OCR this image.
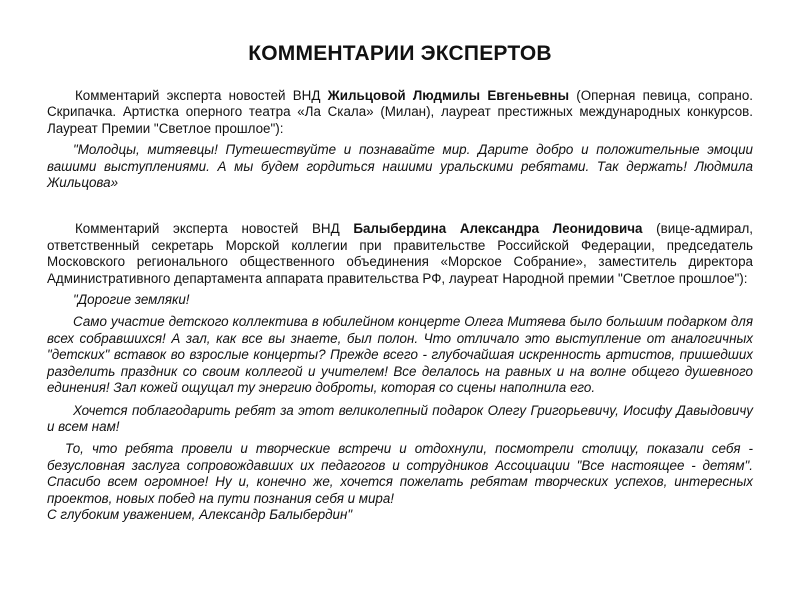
КОММЕНТАРИИ ЭКСПЕРТОВ

Комментарий эксперта новостей ВНД Жильцовой Людмилы Евгеньевны (Оперная певица, сопрано. Скрипачка. Артистка оперного театра «Ла Скала» (Милан), лауреат престижных международных конкурсов. Лауреат Премии "Светлое прошлое"):

"Молодцы, митяевцы! Путешествуйте и познавайте мир. Дарите добро и положительные эмоции вашими выступлениями. А мы будем гордиться нашими уральскими ребятами. Так держать! Людмила Жильцова»

Комментарий эксперта новостей ВНД Балыбердина Александра Леонидовича (вице-адмирал, ответственный секретарь Морской коллегии при правительстве Российской Федерации, председатель Московского регионального общественного объединения «Морское Собрание», заместитель директора Административного департамента аппарата правительства РФ, лауреат Народной премии "Светлое прошлое"):

"Дорогие земляки!

Само участие детского коллектива в юбилейном концерте Олега Митяева было большим подарком для всех собравшихся! А зал, как все вы знаете, был полон. Что отличало это выступление от аналогичных "детских" вставок во взрослые концерты? Прежде всего - глубочайшая искренность артистов, пришедших разделить праздник со своим коллегой и учителем! Все делалось на равных и на волне общего душевного единения! Зал кожей ощущал ту энергию доброты, которая со сцены наполнила его.

Хочется поблагодарить ребят за этот великолепный подарок Олегу Григорьевичу, Иосифу Давыдовичу и всем нам!

То, что ребята провели и творческие встречи и отдохнули, посмотрели столицу, показали себя - безусловная заслуга сопровождавших их педагогов и сотрудников Ассоциации "Все настоящее - детям". Спасибо всем огромное! Ну и, конечно же, хочется пожелать ребятам творческих успехов, интересных проектов, новых побед на пути познания себя и мира!

С глубоким уважением, Александр Балыбердин"
